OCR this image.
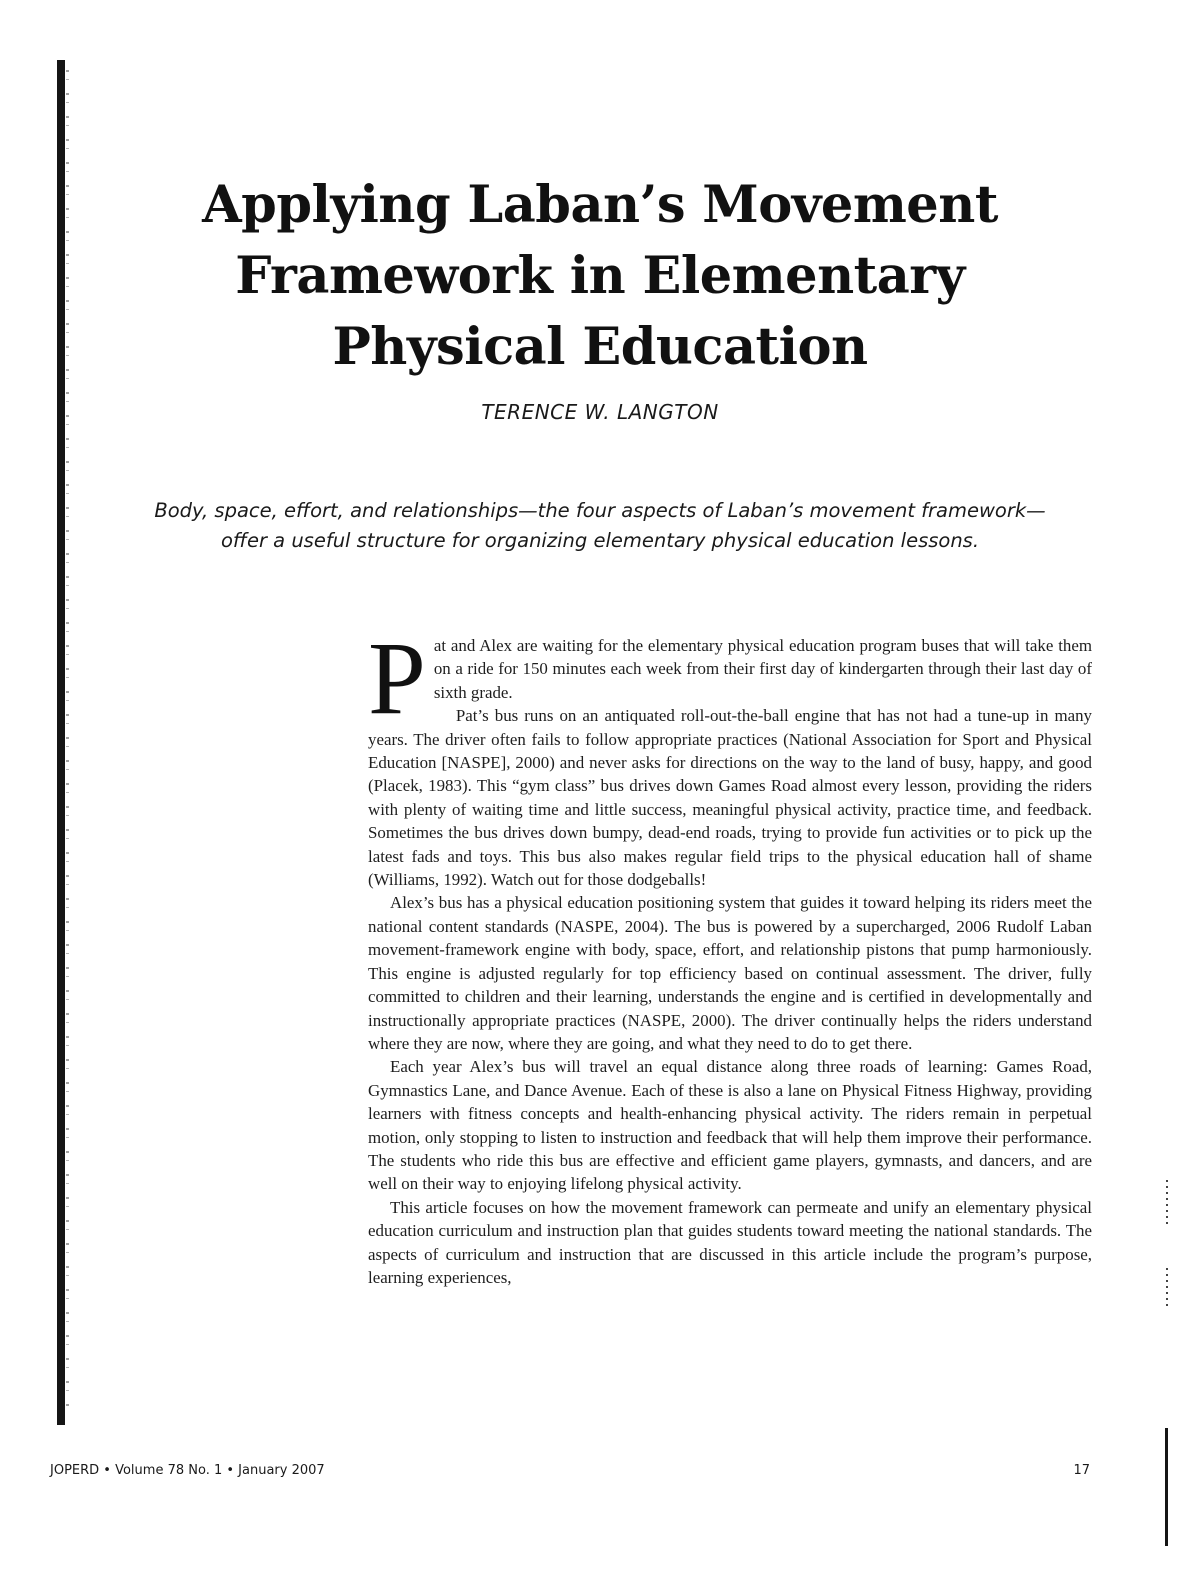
Applying Laban’s Movement
Framework in Elementary
Physical Education
TERENCE W. LANGTON
Body, space, effort, and relationships—the four aspects of Laban’s movement framework—
offer a useful structure for organizing elementary physical education lessons.

Pat and Alex are waiting for the elementary physical education program buses that will take them on a ride for 150 minutes each week from their first day of kindergarten through their last day of sixth grade.

Pat’s bus runs on an antiquated roll-out-the-ball engine that has not had a tune-up in many years. The driver often fails to follow appropriate practices (National Association for Sport and Physical Education [NASPE], 2000) and never asks for directions on the way to the land of busy, happy, and good (Placek, 1983). This “gym class” bus drives down Games Road almost every lesson, providing the riders with plenty of waiting time and little success, meaningful physical activity, practice time, and feedback. Sometimes the bus drives down bumpy, dead-end roads, trying to provide fun activities or to pick up the latest fads and toys. This bus also makes regular field trips to the physical education hall of shame (Williams, 1992). Watch out for those dodgeballs!

Alex’s bus has a physical education positioning system that guides it toward helping its riders meet the national content standards (NASPE, 2004). The bus is powered by a supercharged, 2006 Rudolf Laban movement-framework engine with body, space, effort, and relationship pistons that pump harmoniously. This engine is adjusted regularly for top efficiency based on continual assessment. The driver, fully committed to children and their learning, understands the engine and is certified in developmentally and instructionally appropriate practices (NASPE, 2000). The driver continually helps the riders understand where they are now, where they are going, and what they need to do to get there.

Each year Alex’s bus will travel an equal distance along three roads of learning: Games Road, Gymnastics Lane, and Dance Avenue. Each of these is also a lane on Physical Fitness Highway, providing learners with fitness concepts and health-enhancing physical activity. The riders remain in perpetual motion, only stopping to listen to instruction and feedback that will help them improve their performance. The students who ride this bus are effective and efficient game players, gymnasts, and dancers, and are well on their way to enjoying lifelong physical activity.

This article focuses on how the movement framework can permeate and unify an elementary physical education curriculum and instruction plan that guides students toward meeting the national standards. The aspects of curriculum and instruction that are discussed in this article include the program’s purpose, learning experiences,

JOPERD • Volume 78 No. 1 • January 2007	17
